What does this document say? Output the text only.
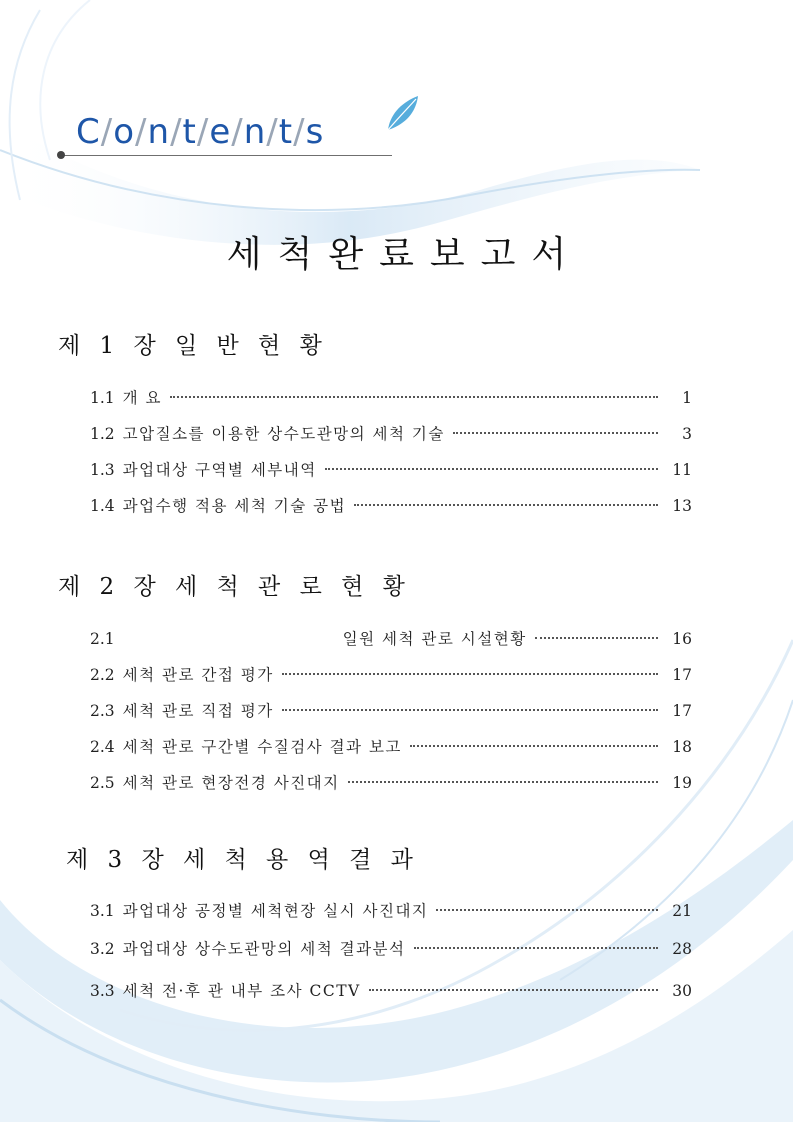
C/o/n/t/e/n/t/s
세척완료보고서
제 1 장 일 반 현 황
1.1 개 요	1
1.2 고압질소를 이용한 상수도관망의 세척 기술	3
1.3 과업대상 구역별 세부내역	11
1.4 과업수행 적용 세척 기술 공법	13
제 2 장 세 척 관 로 현 황
2.1	일원 세척 관로 시설현황	16
2.2 세척 관로 간접 평가	17
2.3 세척 관로 직접 평가	17
2.4 세척 관로 구간별 수질검사 결과 보고	18
2.5 세척 관로 현장전경 사진대지	19
제 3 장 세 척 용 역 결 과
3.1 과업대상 공정별 세척현장 실시 사진대지	21
3.2 과업대상 상수도관망의 세척 결과분석	28
3.3 세척 전·후 관 내부 조사 CCTV	30
